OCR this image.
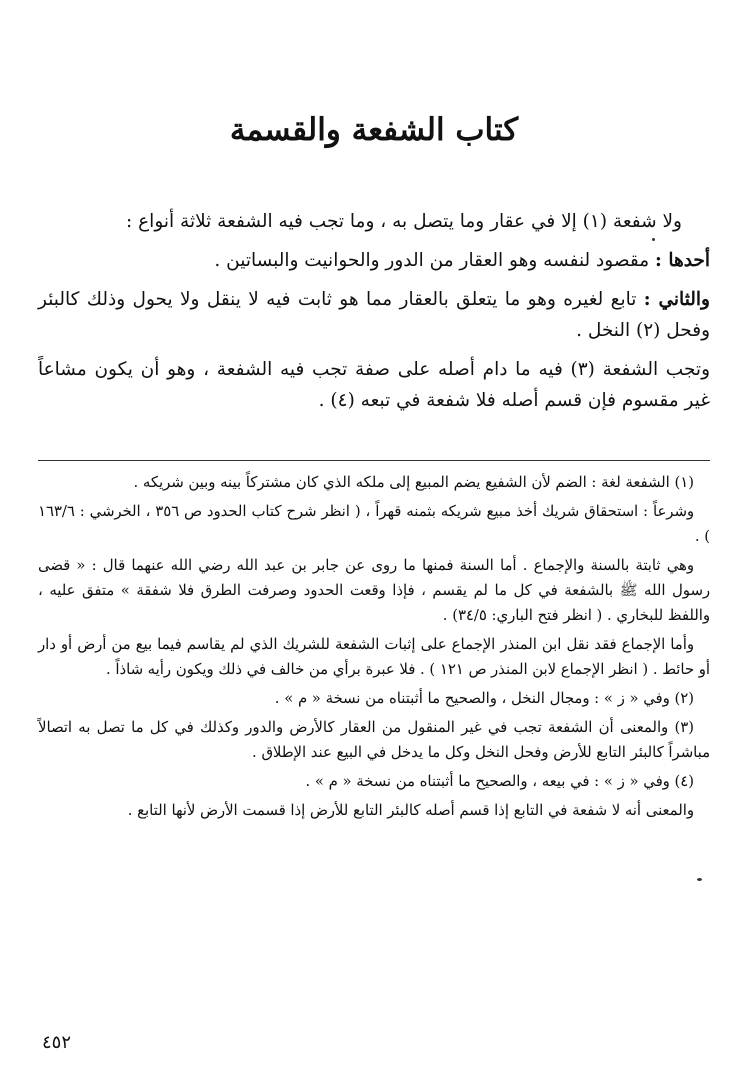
كتاب الشفعة والقسمة

ولا شفعة (١) إلا في عقار وما يتصل به ، وما تجب فيه الشفعة ثلاثة أنواع :

أحدها : مقصود لنفسه وهو العقار من الدور والحوانيت والبساتين .

والثاني : تابع لغيره وهو ما يتعلق بالعقار مما هو ثابت فيه لا ينقل ولا يحول وذلك كالبئر وفحل (٢) النخل .

وتجب الشفعة (٣) فيه ما دام أصله على صفة تجب فيه الشفعة ، وهو أن يكون مشاعاً غير مقسوم فإن قسم أصله فلا شفعة في تبعه (٤) .

(١) الشفعة لغة : الضم لأن الشفيع يضم المبيع إلى ملكه الذي كان مشتركاً بينه وبين شريكه .

وشرعاً : استحقاق شريك أخذ مبيع شريكه بثمنه قهراً ، ( انظر شرح كتاب الحدود ص ٣٥٦ ، الخرشي : ١٦٣/٦ ) .

وهي ثابتة بالسنة والإجماع . أما السنة فمنها ما روى عن جابر بن عبد الله رضي الله عنهما قال : « قضى رسول الله ﷺ بالشفعة في كل ما لم يقسم ، فإذا وقعت الحدود وصرفت الطرق فلا شفقة » متفق عليه ، واللفظ للبخاري . ( انظر فتح الباري: ٣٤/٥) .

وأما الإجماع فقد نقل ابن المنذر الإجماع على إثبات الشفعة للشريك الذي لم يقاسم فيما بيع من أرض أو دار أو حائط . ( انظر الإجماع لابن المنذر ص ١٢١ ) . فلا عبرة برأي من خالف في ذلك ويكون رأيه شاذاً .

(٢) وفي « ز » : ومجال النخل ، والصحيح ما أثبتناه من نسخة « م » .

(٣) والمعنى أن الشفعة تجب في غير المنقول من العقار كالأرض والدور وكذلك في كل ما تصل به اتصالاً مباشراً كالبئر التابع للأرض وفحل النخل وكل ما يدخل في البيع عند الإطلاق .

(٤) وفي « ز » : في بيعه ، والصحيح ما أثبتناه من نسخة « م » .

والمعنى أنه لا شفعة في التابع إذا قسم أصله كالبئر التابع للأرض إذا قسمت الأرض لأنها التابع .

٤٥٢
